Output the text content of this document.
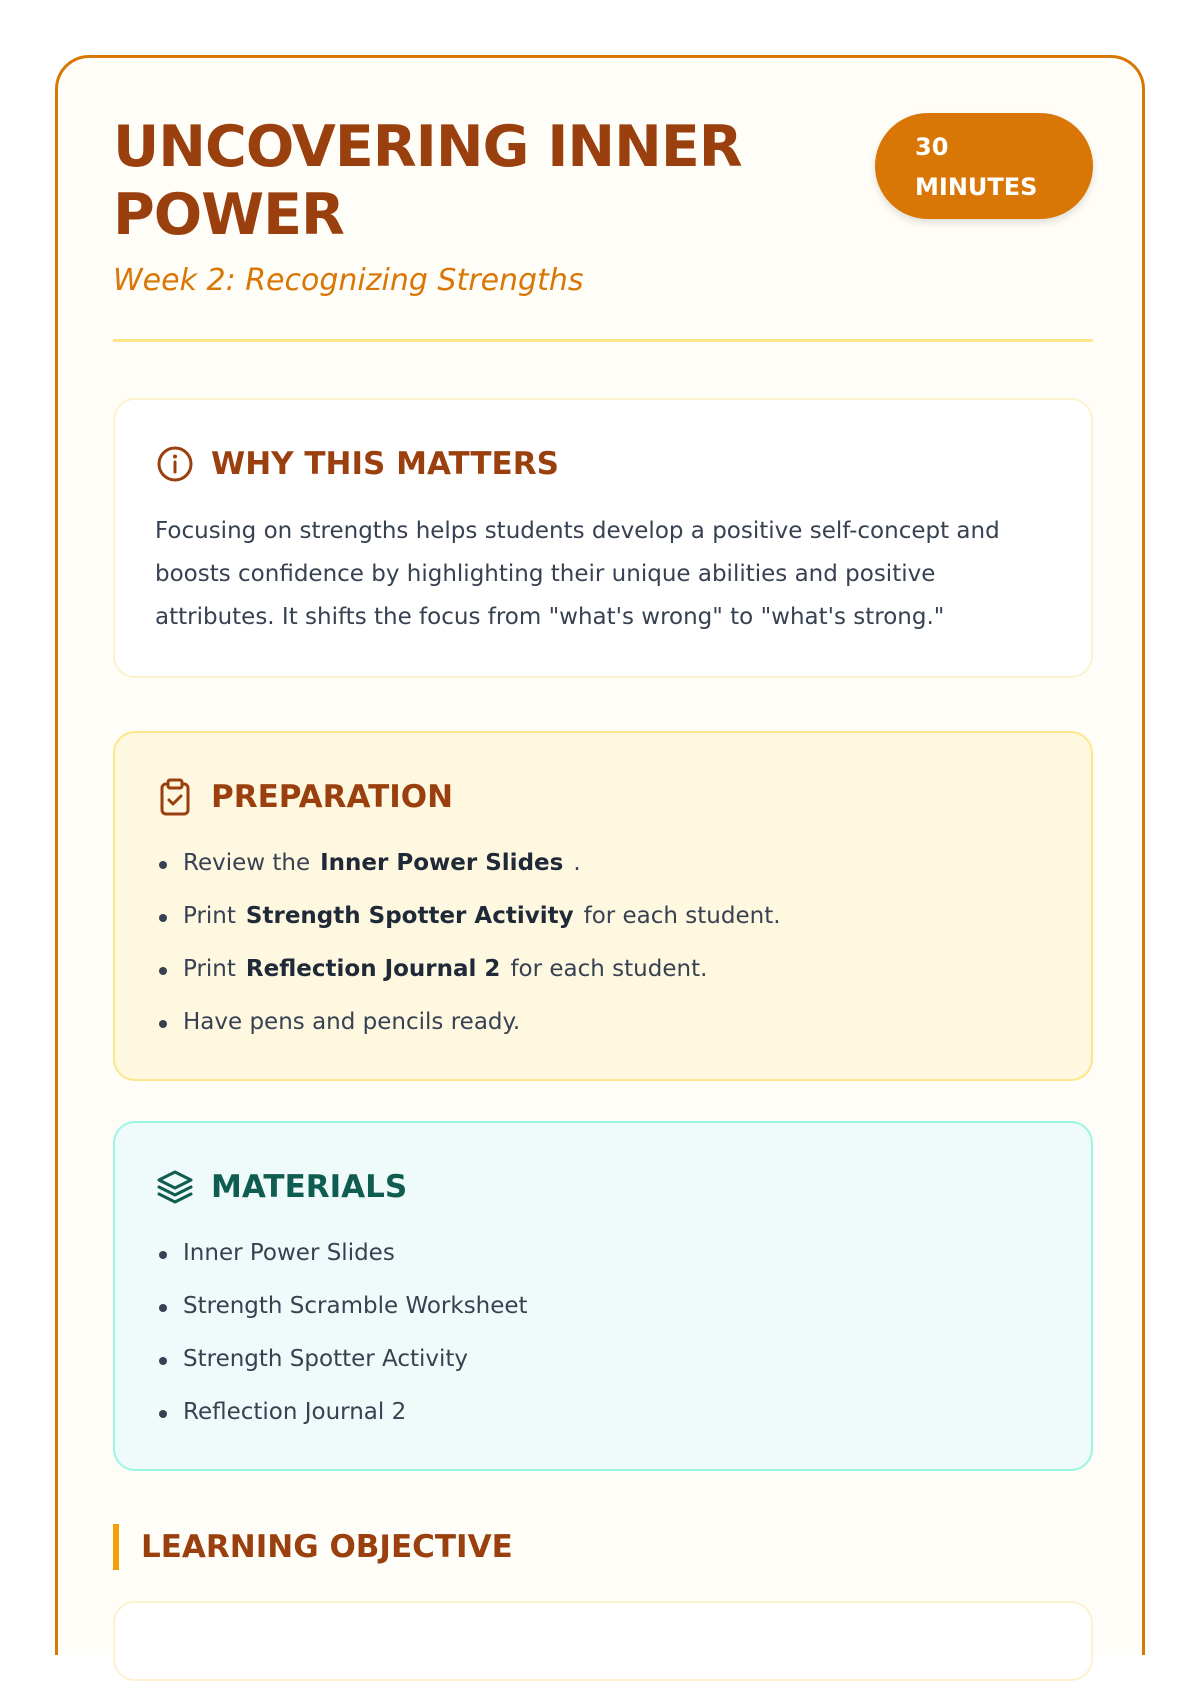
UNCOVERING INNER POWER
Week 2: Recognizing Strengths
30
MINUTES
WHY THIS MATTERS
Focusing on strengths helps students develop a positive self-concept and boosts confidence by highlighting their unique abilities and positive attributes. It shifts the focus from "what's wrong" to "what's strong."
PREPARATION
Review the Inner Power Slides .
Print Strength Spotter Activity for each student.
Print Reflection Journal 2 for each student.
Have pens and pencils ready.
MATERIALS
Inner Power Slides
Strength Scramble Worksheet
Strength Spotter Activity
Reflection Journal 2
LEARNING OBJECTIVE
